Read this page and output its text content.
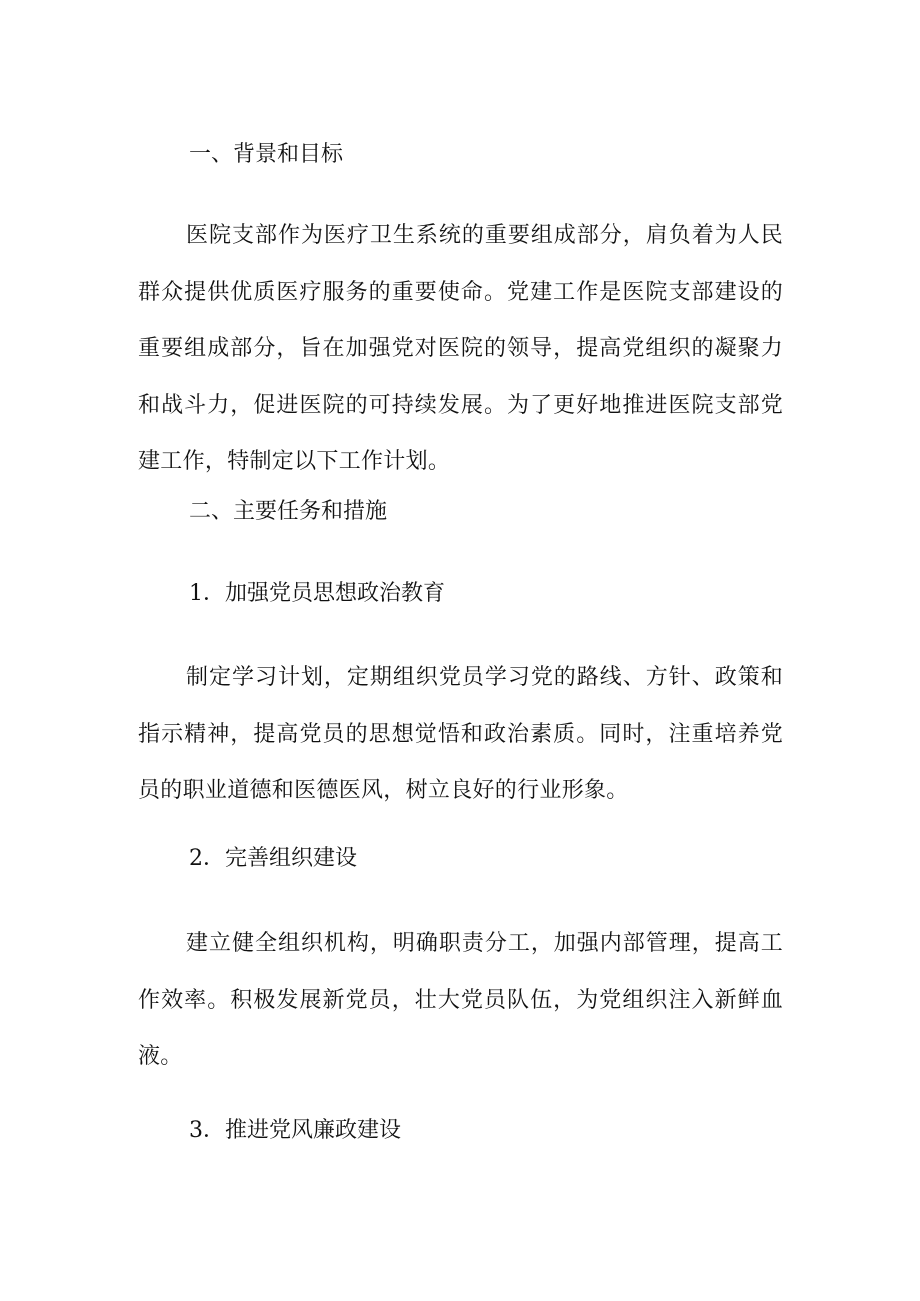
一、背景和目标
医院支部作为医疗卫生系统的重要组成部分，肩负着为人民群众提供优质医疗服务的重要使命。党建工作是医院支部建设的重要组成部分，旨在加强党对医院的领导，提高党组织的凝聚力和战斗力，促进医院的可持续发展。为了更好地推进医院支部党建工作，特制定以下工作计划。
二、主要任务和措施
1．加强党员思想政治教育
制定学习计划，定期组织党员学习党的路线、方针、政策和指示精神，提高党员的思想觉悟和政治素质。同时，注重培养党员的职业道德和医德医风，树立良好的行业形象。
2．完善组织建设
建立健全组织机构，明确职责分工，加强内部管理，提高工作效率。积极发展新党员，壮大党员队伍，为党组织注入新鲜血液。
3．推进党风廉政建设
